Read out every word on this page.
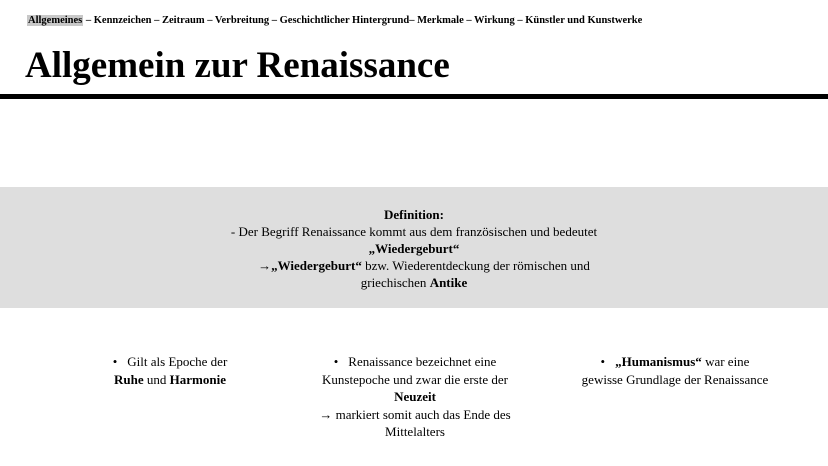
Allgemeines – Kennzeichen – Zeitraum – Verbreitung – Geschichtlicher Hintergrund– Merkmale – Wirkung – Künstler und Kunstwerke
Allgemein zur Renaissance
Definition:
- Der Begriff Renaissance kommt aus dem französischen und bedeutet
„Wiedergeburt“
→„Wiedergeburt“ bzw. Wiederentdeckung der römischen und
griechischen Antike
• Gilt als Epoche der
Ruhe und Harmonie
• Renaissance bezeichnet eine
Kunstepoche und zwar die erste der
Neuzeit
→ markiert somit auch das Ende des
Mittelalters
• „Humanismus“ war eine
gewisse Grundlage der Renaissance
